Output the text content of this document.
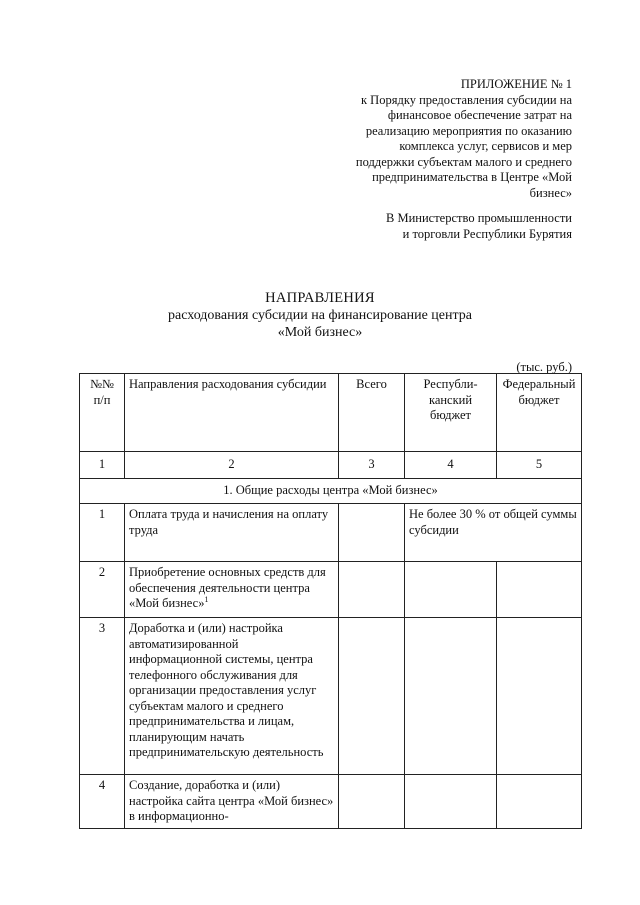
ПРИЛОЖЕНИЕ № 1
к Порядку предоставления субсидии на
финансовое обеспечение затрат на
реализацию мероприятия по оказанию
комплекса услуг, сервисов и мер
поддержки субъектам малого и среднего
предпринимательства в Центре «Мой
бизнес»
В Министерство промышленности
и торговли Республики Бурятия
НАПРАВЛЕНИЯ
расходования субсидии на финансирование центра
«Мой бизнес»
(тыс. руб.)
№№ п/п	Направления расходования субсидии	Всего	Республи-канский бюджет	Федеральный бюджет
1	2	3	4	5
1. Общие расходы центра «Мой бизнес»				
1	Оплата труда и начисления на оплату труда		Не более 30 % от общей суммы субсидии	
2	Приобретение основных средств для обеспечения деятельности центра «Мой бизнес»$^1$			
3	Доработка и (или) настройка автоматизированной информационной системы, центра телефонного обслуживания для организации предоставления услуг субъектам малого и среднего предпринимательства и лицам, планирующим начать предпринимательскую деятельность			
4	Создание, доработка и (или) настройка сайта центра «Мой бизнес» в информационно-			
